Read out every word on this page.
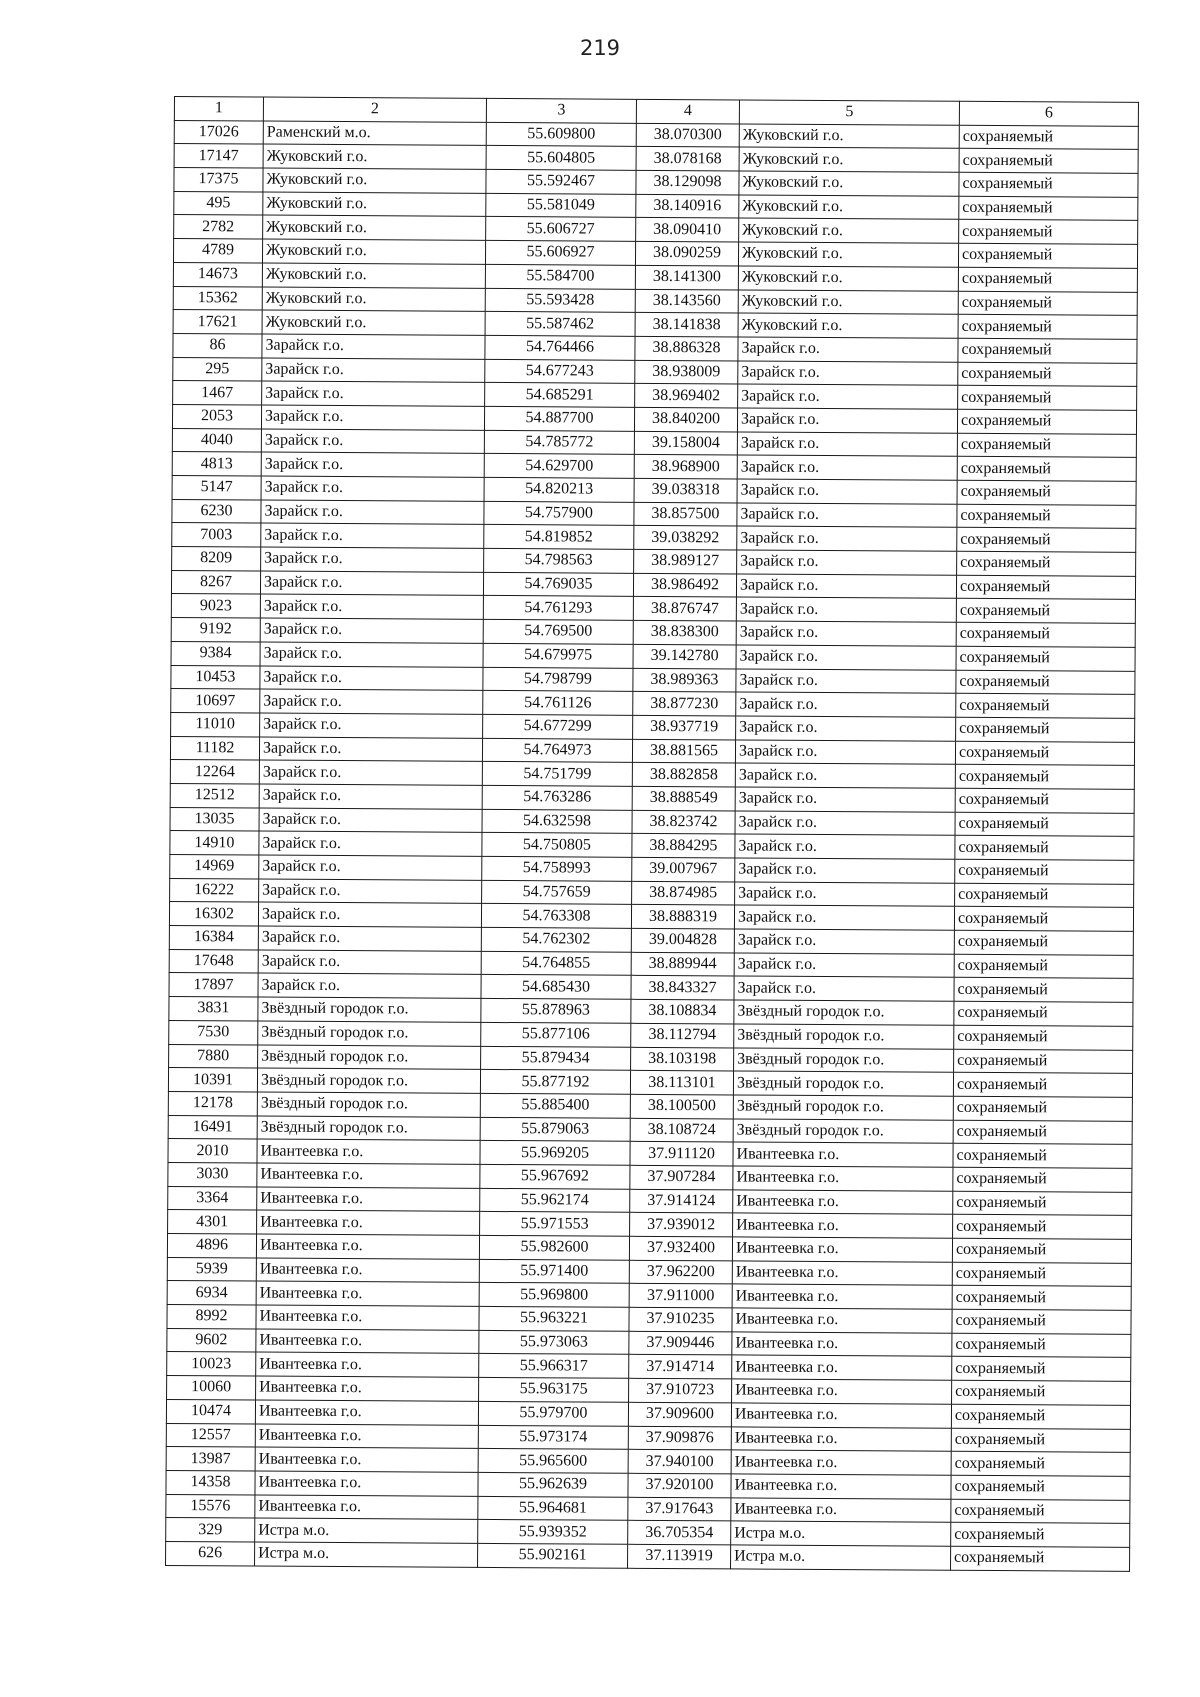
219
1	2	3	4	5	6
17026	Раменский м.о.	55.609800	38.070300	Жуковский г.о.	сохраняемый
17147	Жуковский г.о.	55.604805	38.078168	Жуковский г.о.	сохраняемый
17375	Жуковский г.о.	55.592467	38.129098	Жуковский г.о.	сохраняемый
495	Жуковский г.о.	55.581049	38.140916	Жуковский г.о.	сохраняемый
2782	Жуковский г.о.	55.606727	38.090410	Жуковский г.о.	сохраняемый
4789	Жуковский г.о.	55.606927	38.090259	Жуковский г.о.	сохраняемый
14673	Жуковский г.о.	55.584700	38.141300	Жуковский г.о.	сохраняемый
15362	Жуковский г.о.	55.593428	38.143560	Жуковский г.о.	сохраняемый
17621	Жуковский г.о.	55.587462	38.141838	Жуковский г.о.	сохраняемый
86	Зарайск г.о.	54.764466	38.886328	Зарайск г.о.	сохраняемый
295	Зарайск г.о.	54.677243	38.938009	Зарайск г.о.	сохраняемый
1467	Зарайск г.о.	54.685291	38.969402	Зарайск г.о.	сохраняемый
2053	Зарайск г.о.	54.887700	38.840200	Зарайск г.о.	сохраняемый
4040	Зарайск г.о.	54.785772	39.158004	Зарайск г.о.	сохраняемый
4813	Зарайск г.о.	54.629700	38.968900	Зарайск г.о.	сохраняемый
5147	Зарайск г.о.	54.820213	39.038318	Зарайск г.о.	сохраняемый
6230	Зарайск г.о.	54.757900	38.857500	Зарайск г.о.	сохраняемый
7003	Зарайск г.о.	54.819852	39.038292	Зарайск г.о.	сохраняемый
8209	Зарайск г.о.	54.798563	38.989127	Зарайск г.о.	сохраняемый
8267	Зарайск г.о.	54.769035	38.986492	Зарайск г.о.	сохраняемый
9023	Зарайск г.о.	54.761293	38.876747	Зарайск г.о.	сохраняемый
9192	Зарайск г.о.	54.769500	38.838300	Зарайск г.о.	сохраняемый
9384	Зарайск г.о.	54.679975	39.142780	Зарайск г.о.	сохраняемый
10453	Зарайск г.о.	54.798799	38.989363	Зарайск г.о.	сохраняемый
10697	Зарайск г.о.	54.761126	38.877230	Зарайск г.о.	сохраняемый
11010	Зарайск г.о.	54.677299	38.937719	Зарайск г.о.	сохраняемый
11182	Зарайск г.о.	54.764973	38.881565	Зарайск г.о.	сохраняемый
12264	Зарайск г.о.	54.751799	38.882858	Зарайск г.о.	сохраняемый
12512	Зарайск г.о.	54.763286	38.888549	Зарайск г.о.	сохраняемый
13035	Зарайск г.о.	54.632598	38.823742	Зарайск г.о.	сохраняемый
14910	Зарайск г.о.	54.750805	38.884295	Зарайск г.о.	сохраняемый
14969	Зарайск г.о.	54.758993	39.007967	Зарайск г.о.	сохраняемый
16222	Зарайск г.о.	54.757659	38.874985	Зарайск г.о.	сохраняемый
16302	Зарайск г.о.	54.763308	38.888319	Зарайск г.о.	сохраняемый
16384	Зарайск г.о.	54.762302	39.004828	Зарайск г.о.	сохраняемый
17648	Зарайск г.о.	54.764855	38.889944	Зарайск г.о.	сохраняемый
17897	Зарайск г.о.	54.685430	38.843327	Зарайск г.о.	сохраняемый
3831	Звёздный городок г.о.	55.878963	38.108834	Звёздный городок г.о.	сохраняемый
7530	Звёздный городок г.о.	55.877106	38.112794	Звёздный городок г.о.	сохраняемый
7880	Звёздный городок г.о.	55.879434	38.103198	Звёздный городок г.о.	сохраняемый
10391	Звёздный городок г.о.	55.877192	38.113101	Звёздный городок г.о.	сохраняемый
12178	Звёздный городок г.о.	55.885400	38.100500	Звёздный городок г.о.	сохраняемый
16491	Звёздный городок г.о.	55.879063	38.108724	Звёздный городок г.о.	сохраняемый
2010	Ивантеевка г.о.	55.969205	37.911120	Ивантеевка г.о.	сохраняемый
3030	Ивантеевка г.о.	55.967692	37.907284	Ивантеевка г.о.	сохраняемый
3364	Ивантеевка г.о.	55.962174	37.914124	Ивантеевка г.о.	сохраняемый
4301	Ивантеевка г.о.	55.971553	37.939012	Ивантеевка г.о.	сохраняемый
4896	Ивантеевка г.о.	55.982600	37.932400	Ивантеевка г.о.	сохраняемый
5939	Ивантеевка г.о.	55.971400	37.962200	Ивантеевка г.о.	сохраняемый
6934	Ивантеевка г.о.	55.969800	37.911000	Ивантеевка г.о.	сохраняемый
8992	Ивантеевка г.о.	55.963221	37.910235	Ивантеевка г.о.	сохраняемый
9602	Ивантеевка г.о.	55.973063	37.909446	Ивантеевка г.о.	сохраняемый
10023	Ивантеевка г.о.	55.966317	37.914714	Ивантеевка г.о.	сохраняемый
10060	Ивантеевка г.о.	55.963175	37.910723	Ивантеевка г.о.	сохраняемый
10474	Ивантеевка г.о.	55.979700	37.909600	Ивантеевка г.о.	сохраняемый
12557	Ивантеевка г.о.	55.973174	37.909876	Ивантеевка г.о.	сохраняемый
13987	Ивантеевка г.о.	55.965600	37.940100	Ивантеевка г.о.	сохраняемый
14358	Ивантеевка г.о.	55.962639	37.920100	Ивантеевка г.о.	сохраняемый
15576	Ивантеевка г.о.	55.964681	37.917643	Ивантеевка г.о.	сохраняемый
329	Истра м.о.	55.939352	36.705354	Истра м.о.	сохраняемый
626	Истра м.о.	55.902161	37.113919	Истра м.о.	сохраняемый
